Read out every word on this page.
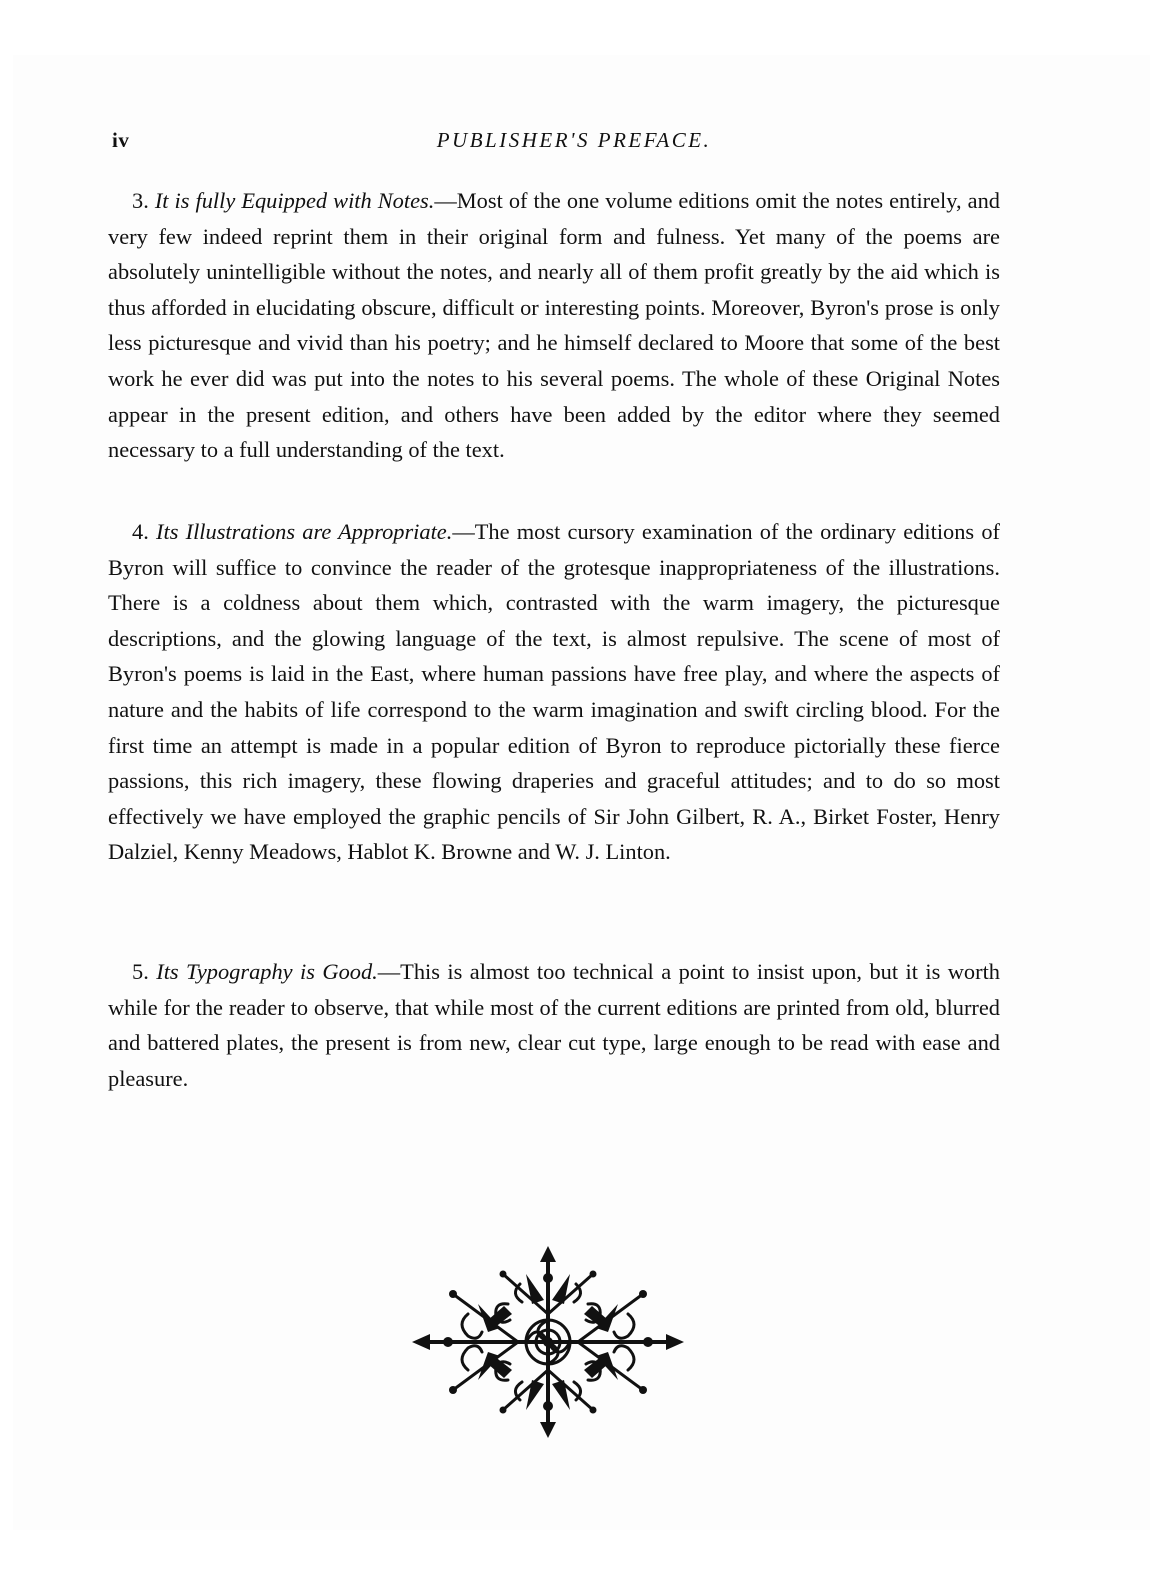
iv	PUBLISHER'S PREFACE.

3. It is fully Equipped with Notes.—Most of the one volume editions omit the notes entirely, and very few indeed reprint them in their original form and fulness. Yet many of the poems are absolutely unintelligible without the notes, and nearly all of them profit greatly by the aid which is thus afforded in elucidating obscure, difficult or interesting points. Moreover, Byron's prose is only less picturesque and vivid than his poetry; and he himself declared to Moore that some of the best work he ever did was put into the notes to his several poems. The whole of these Original Notes appear in the present edition, and others have been added by the editor where they seemed necessary to a full understanding of the text.

4. Its Illustrations are Appropriate.—The most cursory examination of the ordinary editions of Byron will suffice to convince the reader of the grotesque inappropriateness of the illustrations. There is a coldness about them which, contrasted with the warm imagery, the picturesque descriptions, and the glowing language of the text, is almost repulsive. The scene of most of Byron's poems is laid in the East, where human passions have free play, and where the aspects of nature and the habits of life correspond to the warm imagination and swift circling blood. For the first time an attempt is made in a popular edition of Byron to reproduce pictorially these fierce passions, this rich imagery, these flowing draperies and graceful attitudes; and to do so most effectively we have employed the graphic pencils of Sir John Gilbert, R. A., Birket Foster, Henry Dalziel, Kenny Meadows, Hablot K. Browne and W. J. Linton.

5. Its Typography is Good.—This is almost too technical a point to insist upon, but it is worth while for the reader to observe, that while most of the current editions are printed from old, blurred and battered plates, the present is from new, clear cut type, large enough to be read with ease and pleasure.
